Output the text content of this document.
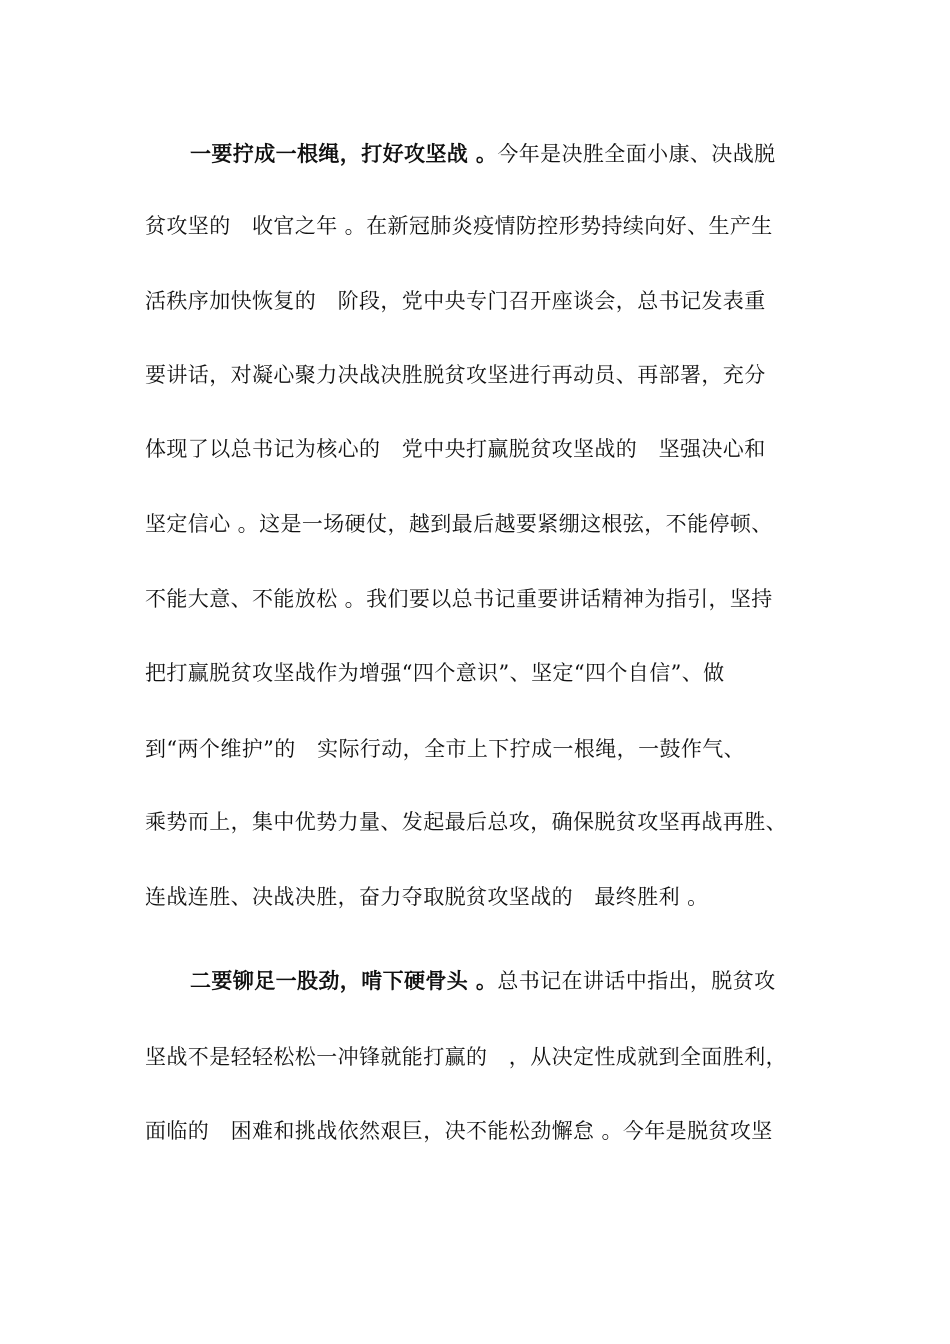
一要拧成一根绳，打好攻坚战 。今年是决胜全面小康、决战脱
贫攻坚的　收官之年 。在新冠肺炎疫情防控形势持续向好、生产生
活秩序加快恢复的　阶段，党中央专门召开座谈会，总书记发表重
要讲话，对凝心聚力决战决胜脱贫攻坚进行再动员、再部署，充分
体现了以总书记为核心的　党中央打赢脱贫攻坚战的　坚强决心和
坚定信心 。这是一场硬仗，越到最后越要紧绷这根弦，不能停顿、
不能大意、不能放松 。我们要以总书记重要讲话精神为指引，坚持
把打赢脱贫攻坚战作为增强“四个意识”、坚定“四个自信”、做
到“两个维护”的　实际行动，全市上下拧成一根绳，一鼓作气、
乘势而上，集中优势力量、发起最后总攻，确保脱贫攻坚再战再胜、
连战连胜、决战决胜，奋力夺取脱贫攻坚战的　最终胜利 。
二要铆足一股劲，啃下硬骨头 。总书记在讲话中指出，脱贫攻
坚战不是轻轻松松一冲锋就能打赢的　，从决定性成就到全面胜利，
面临的　困难和挑战依然艰巨，决不能松劲懈怠 。今年是脱贫攻坚
